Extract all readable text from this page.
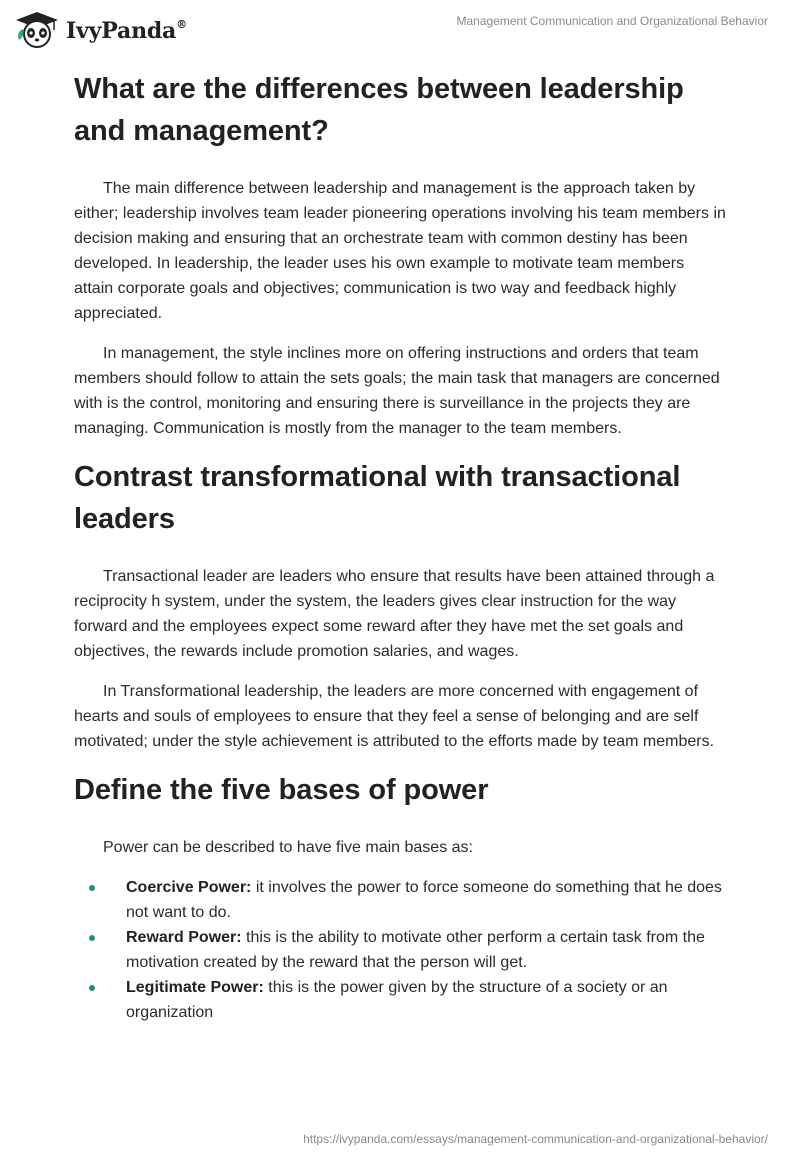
IvyPanda®	Management Communication and Organizational Behavior
What are the differences between leadership and management?

The main difference between leadership and management is the approach taken by either; leadership involves team leader pioneering operations involving his team members in decision making and ensuring that an orchestrate team with common destiny has been developed. In leadership, the leader uses his own example to motivate team members attain corporate goals and objectives; communication is two way and feedback highly appreciated.

In management, the style inclines more on offering instructions and orders that team members should follow to attain the sets goals; the main task that managers are concerned with is the control, monitoring and ensuring there is surveillance in the projects they are managing. Communication is mostly from the manager to the team members.

Contrast transformational with transactional leaders

Transactional leader are leaders who ensure that results have been attained through a reciprocity h system, under the system, the leaders gives clear instruction for the way forward and the employees expect some reward after they have met the set goals and objectives, the rewards include promotion salaries, and wages.

In Transformational leadership, the leaders are more concerned with engagement of hearts and souls of employees to ensure that they feel a sense of belonging and are self motivated; under the style achievement is attributed to the efforts made by team members.

Define the five bases of power

Power can be described to have five main bases as:

Coercive Power: it involves the power to force someone do something that he does not want to do.
Reward Power: this is the ability to motivate other perform a certain task from the motivation created by the reward that the person will get.
Legitimate Power: this is the power given by the structure of a society or an organization
https://ivypanda.com/essays/management-communication-and-organizational-behavior/
